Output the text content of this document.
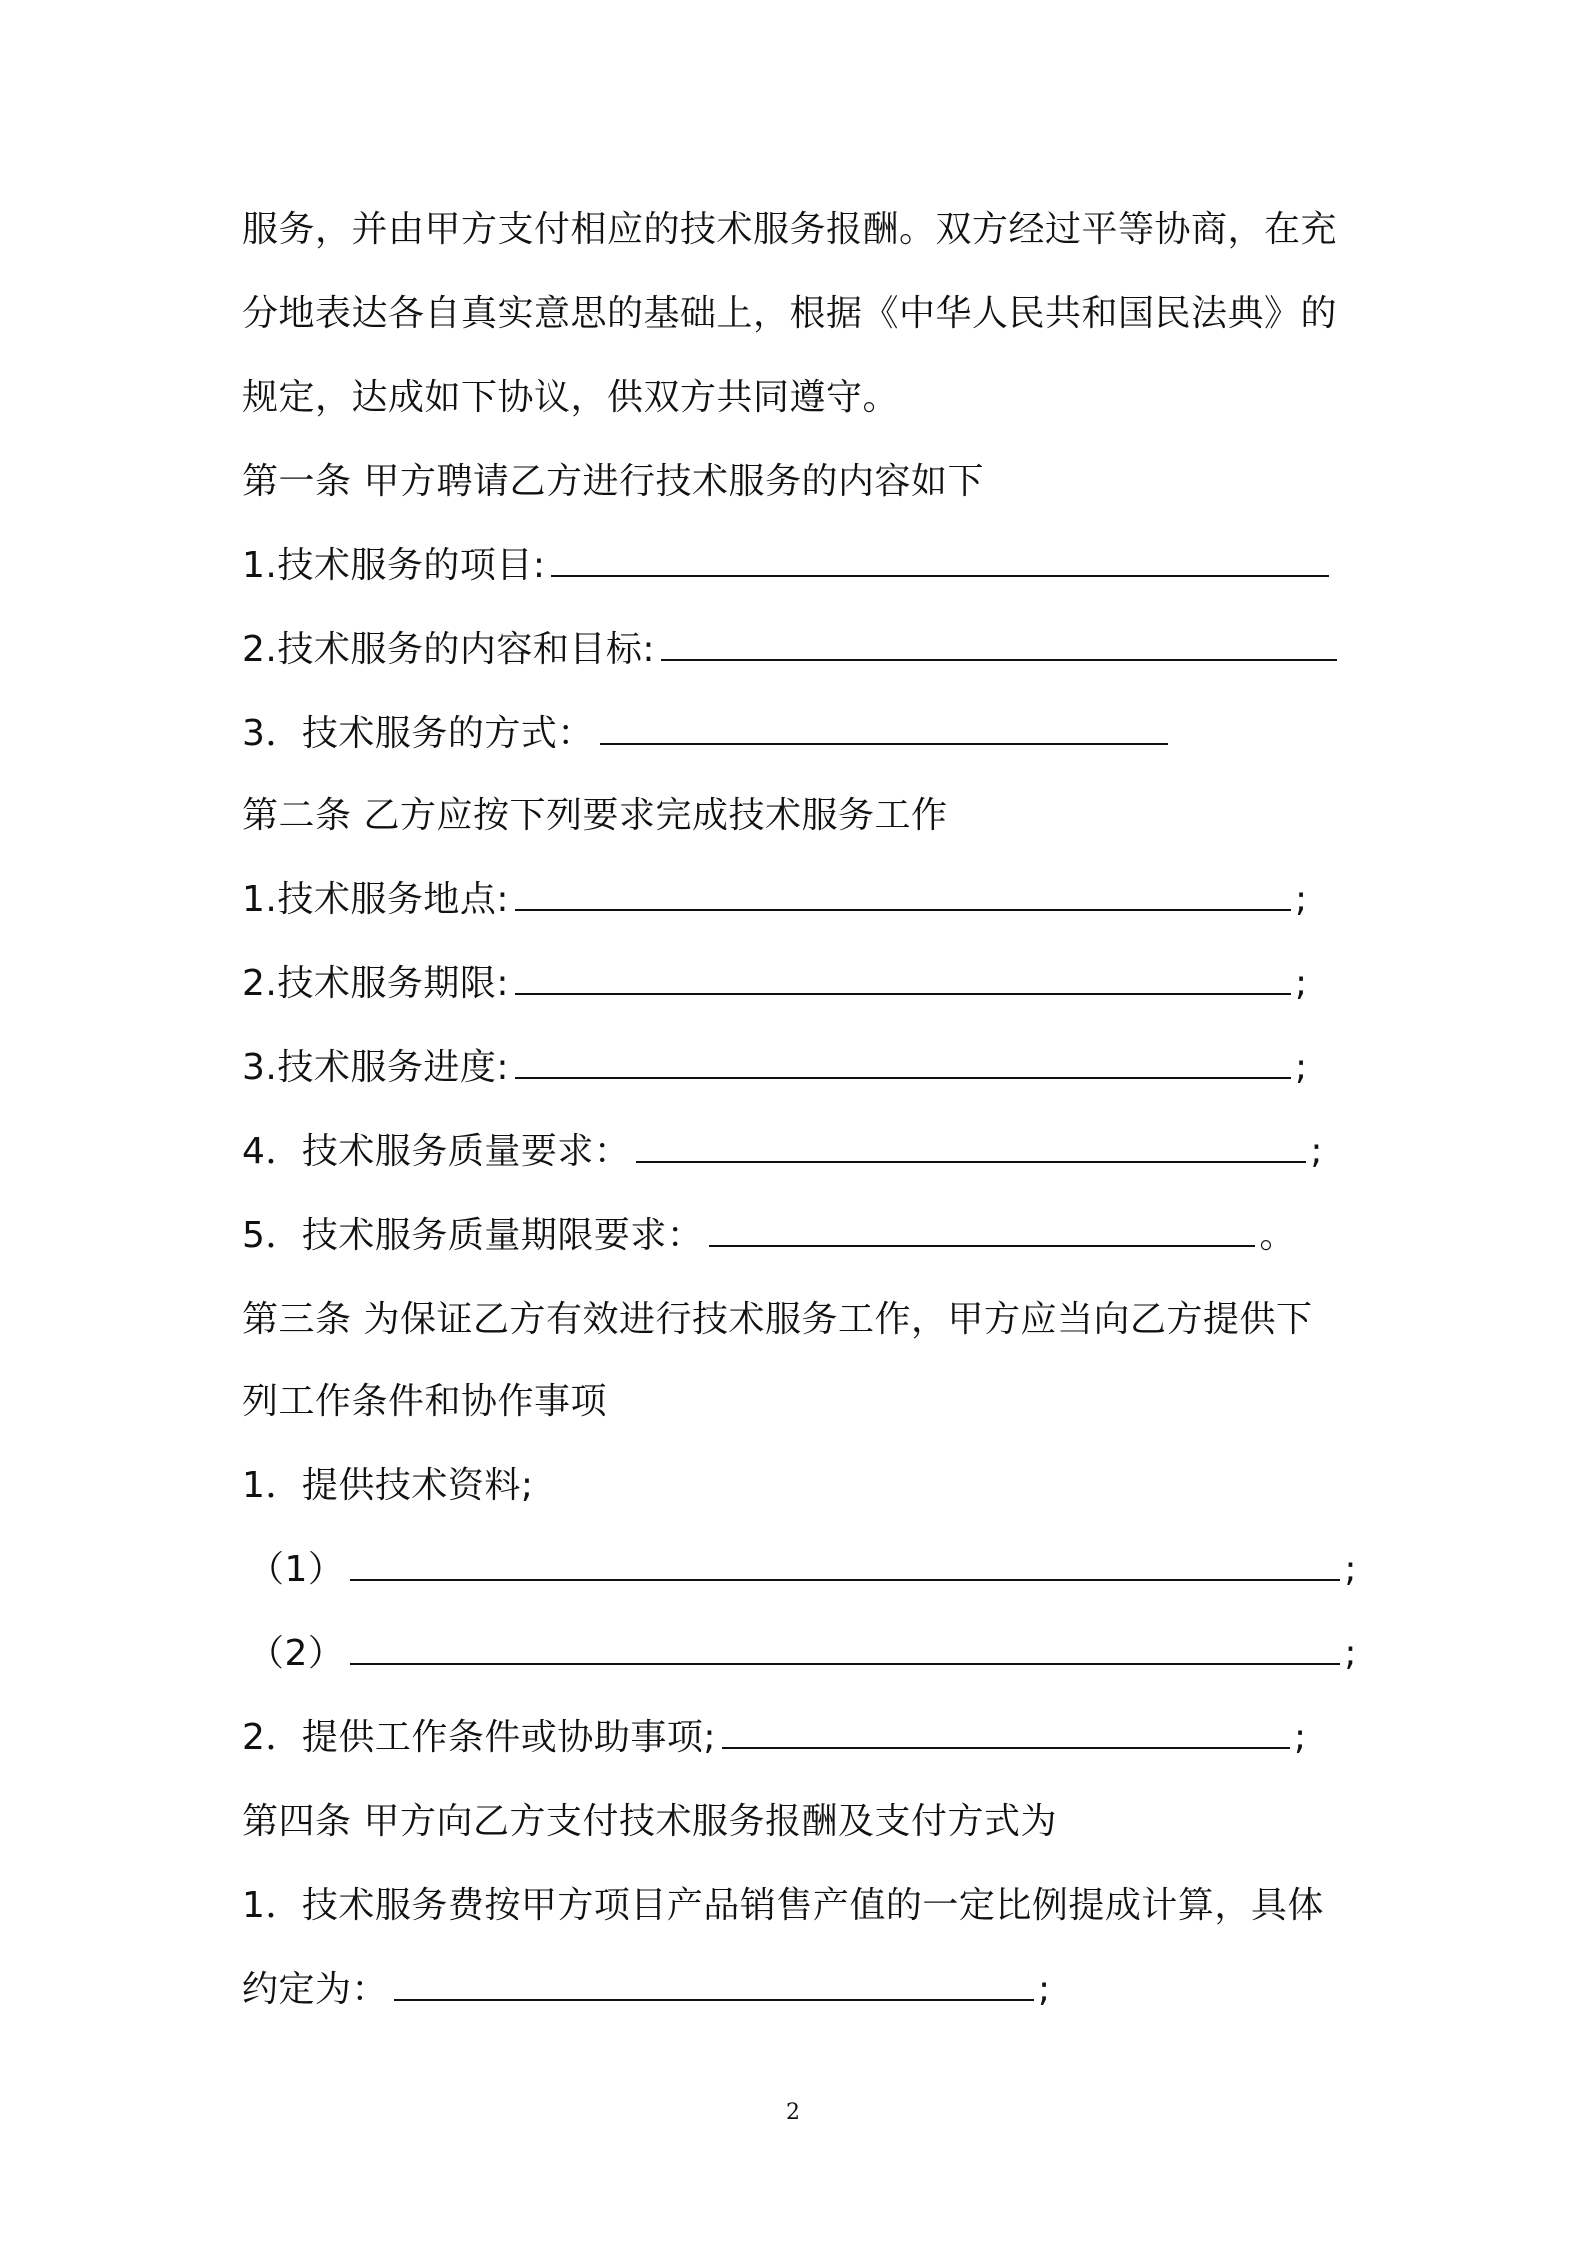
服务，并由甲方支付相应的技术服务报酬。双方经过平等协商，在充
分地表达各自真实意思的基础上，根据《中华人民共和国民法典》的
规定，达成如下协议，供双方共同遵守。
第一条 甲方聘请乙方进行技术服务的内容如下
1.技术服务的项目:
2.技术服务的内容和目标:
3．技术服务的方式：
第二条 乙方应按下列要求完成技术服务工作
1.技术服务地点:	;
2.技术服务期限:	;
3.技术服务进度:	;
4．技术服务质量要求：	;
5．技术服务质量期限要求：	。
第三条 为保证乙方有效进行技术服务工作，甲方应当向乙方提供下
列工作条件和协作事项
1．提供技术资料;
（1）	;
（2）	;
2．提供工作条件或协助事项;	;
第四条 甲方向乙方支付技术服务报酬及支付方式为
1．技术服务费按甲方项目产品销售产值的一定比例提成计算，具体
约定为：	;
2
